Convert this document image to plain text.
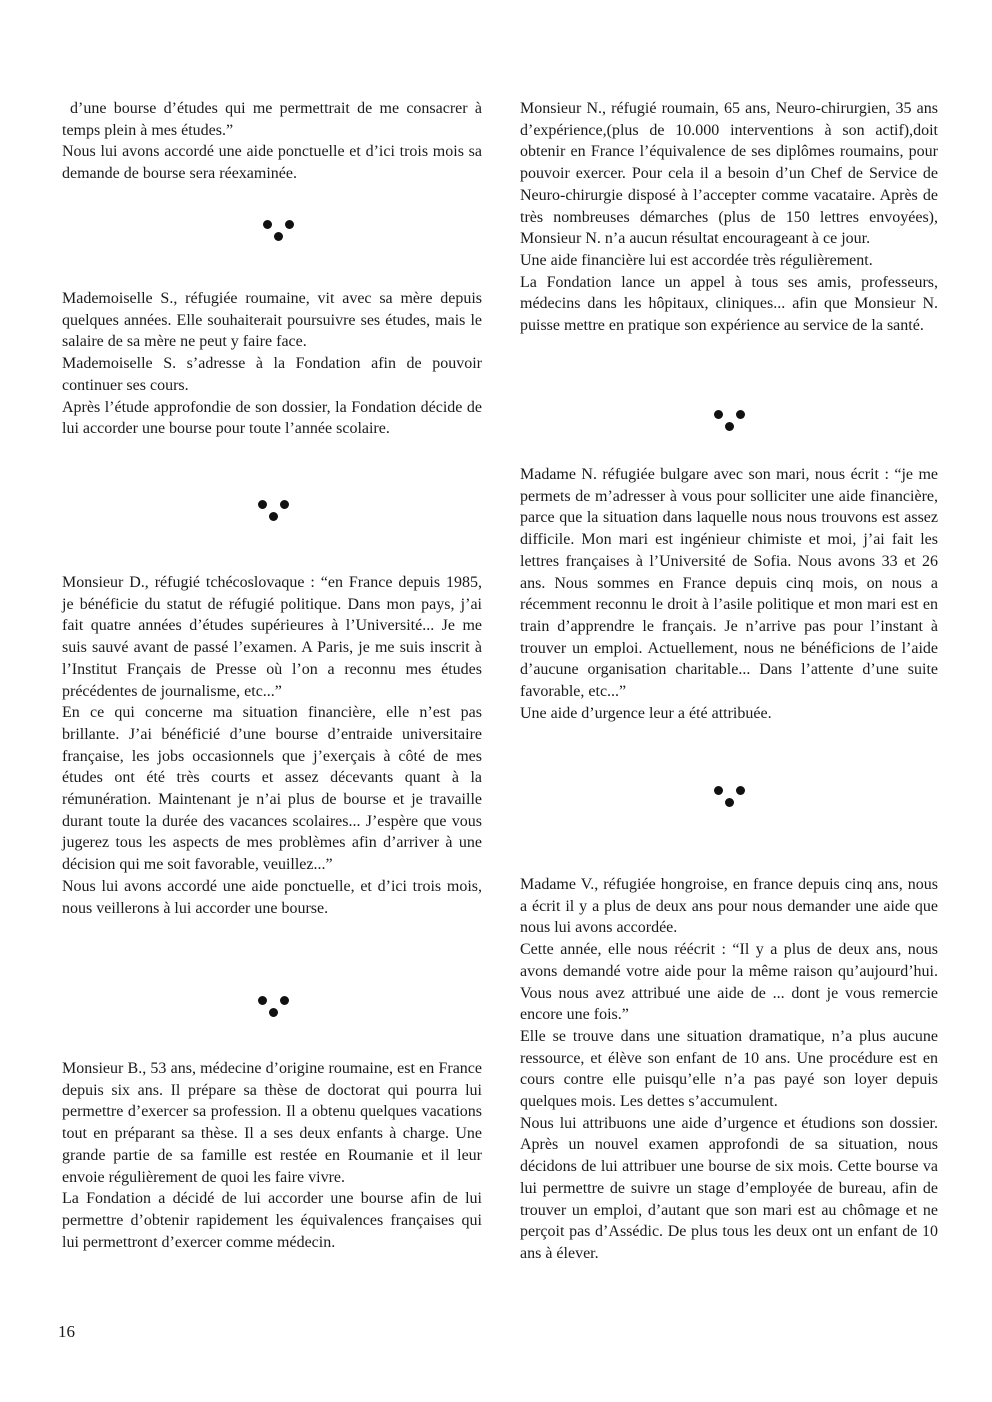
d’une bourse d’études qui me permettrait de me consacrer à temps plein à mes études.”

Nous lui avons accordé une aide ponctuelle et d’ici trois mois sa demande de bourse sera réexaminée.

Mademoiselle S., réfugiée roumaine, vit avec sa mère depuis quelques années. Elle souhaiterait poursuivre ses études, mais le salaire de sa mère ne peut y faire face.

Mademoiselle S. s’adresse à la Fondation afin de pouvoir continuer ses cours.

Après l’étude approfondie de son dossier, la Fondation décide de lui accorder une bourse pour toute l’année scolaire.

Monsieur D., réfugié tchécoslovaque : “en France depuis 1985, je bénéficie du statut de réfugié politique. Dans mon pays, j’ai fait quatre années d’études supérieures à l’Université... Je me suis sauvé avant de passé l’examen. A Paris, je me suis inscrit à l’Institut Français de Presse où l’on a reconnu mes études précédentes de journalisme, etc...”

En ce qui concerne ma situation financière, elle n’est pas brillante. J’ai bénéficié d’une bourse d’entraide universitaire française, les jobs occasionnels que j’exerçais à côté de mes études ont été très courts et assez décevants quant à la rémunération. Maintenant je n’ai plus de bourse et je travaille durant toute la durée des vacances scolaires... J’espère que vous jugerez tous les aspects de mes problèmes afin d’arriver à une décision qui me soit favorable, veuillez...”

Nous lui avons accordé une aide ponctuelle, et d’ici trois mois, nous veillerons à lui accorder une bourse.

Monsieur B., 53 ans, médecine d’origine roumaine, est en France depuis six ans. Il prépare sa thèse de doctorat qui pourra lui permettre d’exercer sa profession. Il a obtenu quelques vacations tout en préparant sa thèse. Il a ses deux enfants à charge. Une grande partie de sa famille est restée en Roumanie et il leur envoie régulièrement de quoi les faire vivre.

La Fondation a décidé de lui accorder une bourse afin de lui permettre d’obtenir rapidement les équivalences françaises qui lui permettront d’exercer comme médecin.

Monsieur N., réfugié roumain, 65 ans, Neuro-chirurgien, 35 ans d’expérience,(plus de 10.000 interventions à son actif),doit obtenir en France l’équivalence de ses diplômes roumains, pour pouvoir exercer. Pour cela il a besoin d’un Chef de Service de Neuro-chirurgie disposé à l’accepter comme vacataire. Après de très nombreuses démarches (plus de 150 lettres envoyées), Monsieur N. n’a aucun résultat encourageant à ce jour.

Une aide financière lui est accordée très régulièrement.

La Fondation lance un appel à tous ses amis, professeurs, médecins dans les hôpitaux, cliniques... afin que Monsieur N. puisse mettre en pratique son expérience au service de la santé.

Madame N. réfugiée bulgare avec son mari, nous écrit : “je me permets de m’adresser à vous pour solliciter une aide financière, parce que la situation dans laquelle nous nous trouvons est assez difficile. Mon mari est ingénieur chimiste et moi, j’ai fait les lettres françaises à l’Université de Sofia. Nous avons 33 et 26 ans. Nous sommes en France depuis cinq mois, on nous a récemment reconnu le droit à l’asile politique et mon mari est en train d’apprendre le français. Je n’arrive pas pour l’instant à trouver un emploi. Actuellement, nous ne bénéficions de l’aide d’aucune organisation charitable... Dans l’attente d’une suite favorable, etc...”

Une aide d’urgence leur a été attribuée.

Madame V., réfugiée hongroise, en france depuis cinq ans, nous a écrit il y a plus de deux ans pour nous demander une aide que nous lui avons accordée.

Cette année, elle nous réécrit : “Il y a plus de deux ans, nous avons demandé votre aide pour la même raison qu’aujourd’hui. Vous nous avez attribué une aide de ... dont je vous remercie encore une fois.”

Elle se trouve dans une situation dramatique, n’a plus aucune ressource, et élève son enfant de 10 ans. Une procédure est en cours contre elle puisqu’elle n’a pas payé son loyer depuis quelques mois. Les dettes s’accumulent.

Nous lui attribuons une aide d’urgence et étudions son dossier. Après un nouvel examen approfondi de sa situation, nous décidons de lui attribuer une bourse de six mois. Cette bourse va lui permettre de suivre un stage d’employée de bureau, afin de trouver un emploi, d’autant que son mari est au chômage et ne perçoit pas d’Assédic. De plus tous les deux ont un enfant de 10 ans à élever.

16
